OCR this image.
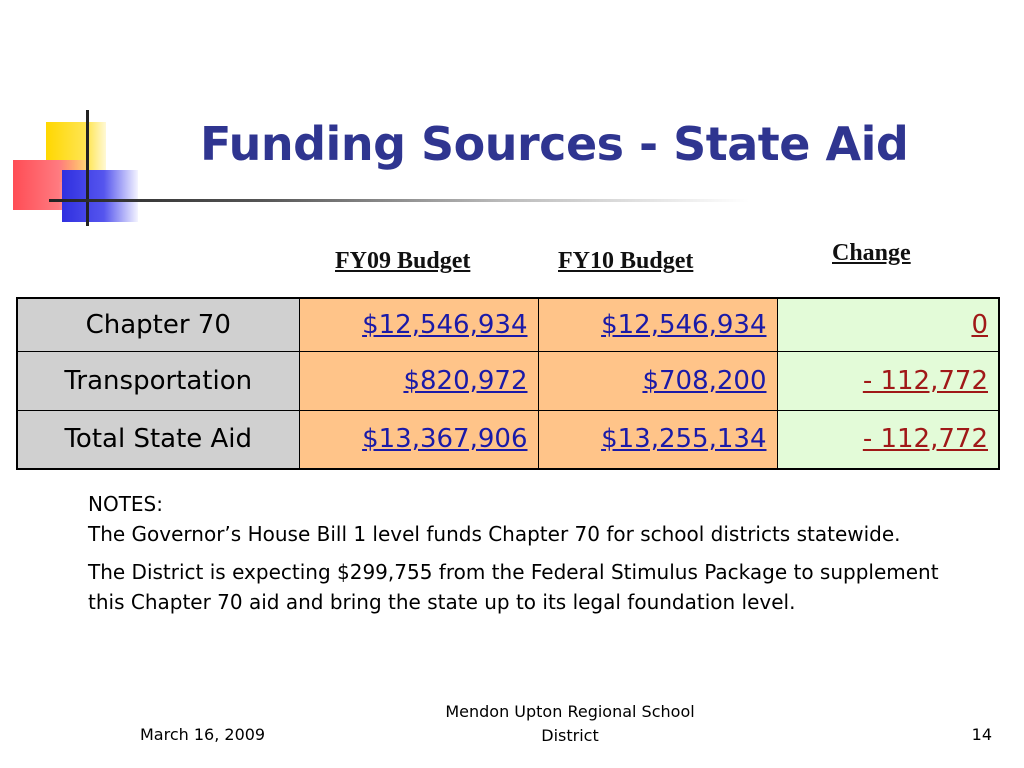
Funding Sources - State Aid
FY09 Budget	FY10 Budget	Change
Chapter 70	$12,546,934	$12,546,934	0
Transportation	$820,972	$708,200	- 112,772
Total State Aid	$13,367,906	$13,255,134	- 112,772
NOTES:

The Governor’s House Bill 1 level funds Chapter 70 for school districts statewide.

The District is expecting $299,755 from the Federal Stimulus Package to supplement this Chapter 70 aid and bring the state up to its legal foundation level.

March 16, 2009
Mendon Upton Regional School
District	14
